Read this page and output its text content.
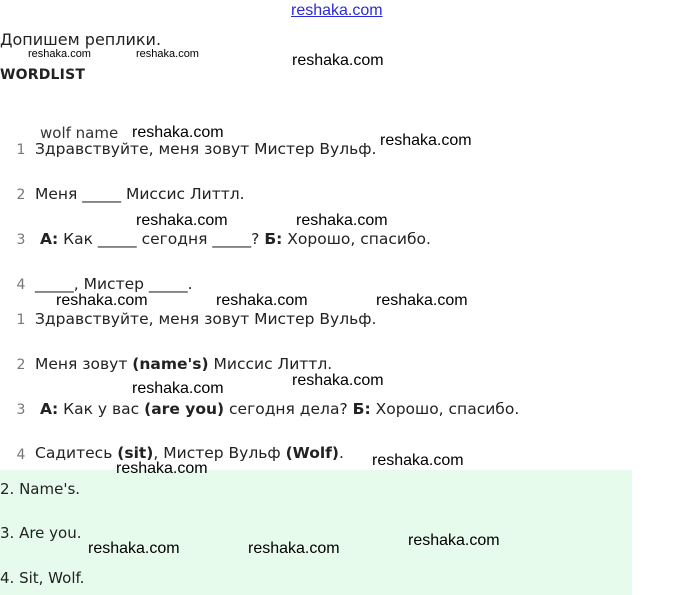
reshaka.com
Допишем реплики.
reshaka.com	reshaka.com	reshaka.com
WORDLIST
wolf name reshaka.com	reshaka.com
1 Здравствуйте, меня зовут Мистер Вульф.
2 Меня _____ Миссис Литтл.
reshaka.com	reshaka.com
3 А: Как _____ сегодня _____? Б: Хорошо, спасибо.
4 _____, Мистер _____.
reshaka.com	reshaka.com	reshaka.com
1 Здравствуйте, меня зовут Мистер Вульф.
2 Меня зовут (name's) Миссис Литтл.
reshaka.com	reshaka.com
3 А: Как у вас (are you) сегодня дела? Б: Хорошо, спасибо.
4 Садитесь (sit), Мистер Вульф (Wolf).
reshaka.com	reshaka.com
2. Name's.
3. Are you.
4. Sit, Wolf.
reshaka.com	reshaka.com	reshaka.com
